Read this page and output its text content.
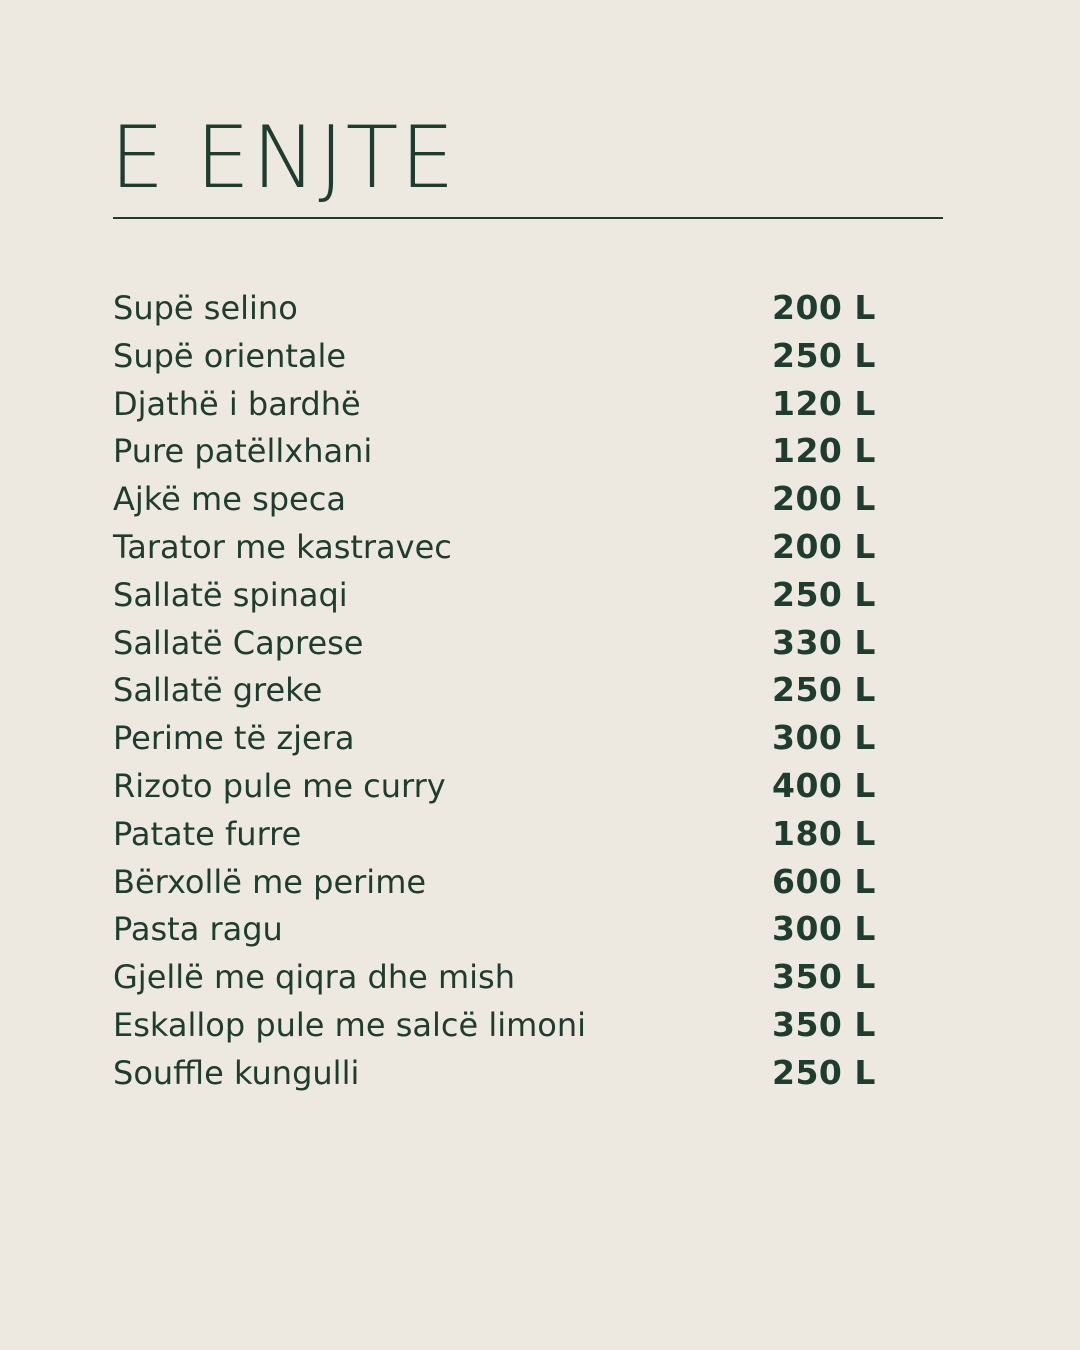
E ENJTE
Supë selino	200 L
Supë orientale	250 L
Djathë i bardhë	120 L
Pure patëllxhani	120 L
Ajkë me speca	200 L
Tarator me kastravec	200 L
Sallatë spinaqi	250 L
Sallatë Caprese	330 L
Sallatë greke	250 L
Perime të zjera	300 L
Rizoto pule me curry	400 L
Patate furre	180 L
Bërxollë me perime	600 L
Pasta ragu	300 L
Gjellë me qiqra dhe mish	350 L
Eskallop pule me salcë limoni	350 L
Souffle kungulli	250 L
